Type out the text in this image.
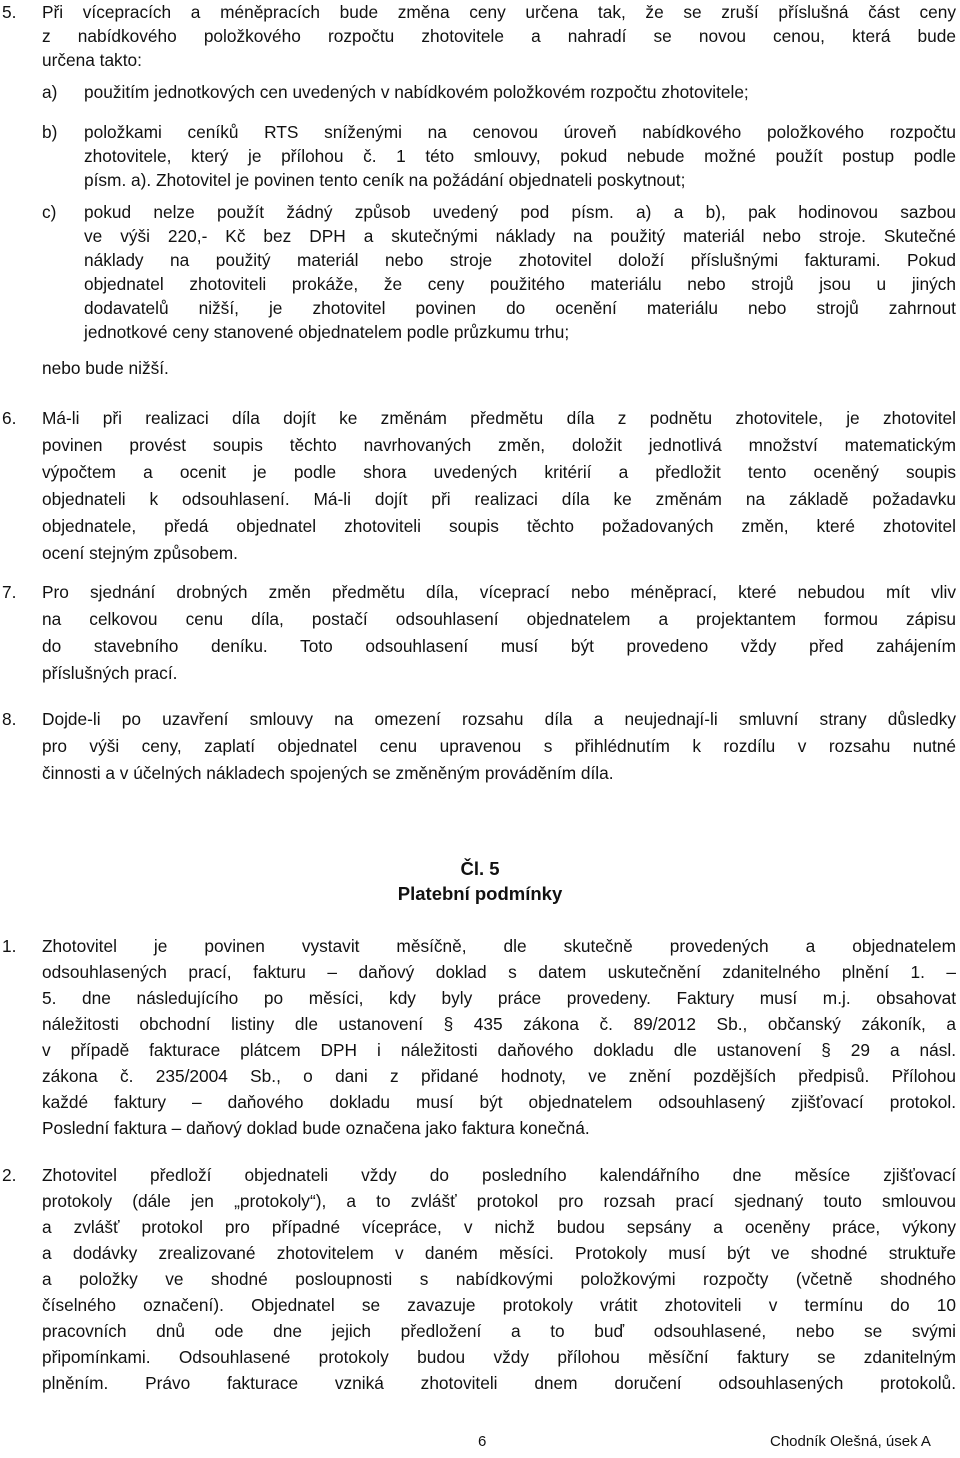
5. Při vícepracích a méněpracích bude změna ceny určena tak, že se zruší příslušná část ceny
z nabídkového položkového rozpočtu zhotovitele a nahradí se novou cenou, která bude
určena takto:
a) použitím jednotkových cen uvedených v nabídkovém položkovém rozpočtu zhotovitele;
b) položkami ceníků RTS sníženými na cenovou úroveň nabídkového položkového rozpočtu
zhotovitele, který je přílohou č. 1 této smlouvy, pokud nebude možné použít postup podle
písm. a). Zhotovitel je povinen tento ceník na požádání objednateli poskytnout;
c) pokud nelze použít žádný způsob uvedený pod písm. a) a b), pak hodinovou sazbou
ve výši 220,- Kč bez DPH a skutečnými náklady na použitý materiál nebo stroje. Skutečné
náklady na použitý materiál nebo stroje zhotovitel doloží příslušnými fakturami. Pokud
objednatel zhotoviteli prokáže, že ceny použitého materiálu nebo strojů jsou u jiných
dodavatelů nižší, je zhotovitel povinen do ocenění materiálu nebo strojů zahrnout
jednotkové ceny stanovené objednatelem podle průzkumu trhu;
nebo bude nižší.
6. Má-li při realizaci díla dojít ke změnám předmětu díla z podnětu zhotovitele, je zhotovitel
povinen provést soupis těchto navrhovaných změn, doložit jednotlivá množství matematickým
výpočtem a ocenit je podle shora uvedených kritérií a předložit tento oceněný soupis
objednateli k odsouhlasení. Má-li dojít při realizaci díla ke změnám na základě požadavku
objednatele, předá objednatel zhotoviteli soupis těchto požadovaných změn, které zhotovitel
ocení stejným způsobem.
7. Pro sjednání drobných změn předmětu díla, víceprací nebo méněprací, které nebudou mít vliv
na celkovou cenu díla, postačí odsouhlasení objednatelem a projektantem formou zápisu
do stavebního deníku. Toto odsouhlasení musí být provedeno vždy před zahájením
příslušných prací.
8. Dojde-li po uzavření smlouvy na omezení rozsahu díla a neujednají-li smluvní strany důsledky
pro výši ceny, zaplatí objednatel cenu upravenou s přihlédnutím k rozdílu v rozsahu nutné
činnosti a v účelných nákladech spojených se změněným prováděním díla.
Čl. 5
Platební podmínky
1. Zhotovitel je povinen vystavit měsíčně, dle skutečně provedených a objednatelem
odsouhlasených prací, fakturu – daňový doklad s datem uskutečnění zdanitelného plnění 1. –
5. dne následujícího po měsíci, kdy byly práce provedeny. Faktury musí m.j. obsahovat
náležitosti obchodní listiny dle ustanovení § 435 zákona č. 89/2012 Sb., občanský zákoník, a
v případě fakturace plátcem DPH i náležitosti daňového dokladu dle ustanovení § 29 a násl.
zákona č. 235/2004 Sb., o dani z přidané hodnoty, ve znění pozdějších předpisů. Přílohou
každé faktury – daňového dokladu musí být objednatelem odsouhlasený zjišťovací protokol.
Poslední faktura – daňový doklad bude označena jako faktura konečná.
2. Zhotovitel předloží objednateli vždy do posledního kalendářního dne měsíce zjišťovací
protokoly (dále jen „protokoly“), a to zvlášť protokol pro rozsah prací sjednaný touto smlouvou
a zvlášť protokol pro případné vícepráce, v nichž budou sepsány a oceněny práce, výkony
a dodávky zrealizované zhotovitelem v daném měsíci. Protokoly musí být ve shodné struktuře
a položky ve shodné posloupnosti s nabídkovými položkovými rozpočty (včetně shodného
číselného označení). Objednatel se zavazuje protokoly vrátit zhotoviteli v termínu do 10
pracovních dnů ode dne jejich předložení a to buď odsouhlasené, nebo se svými
připomínkami. Odsouhlasené protokoly budou vždy přílohou měsíční faktury se zdanitelným
plněním. Právo fakturace vzniká zhotoviteli dnem doručení odsouhlasených protokolů.
6	Chodník Olešná, úsek A
